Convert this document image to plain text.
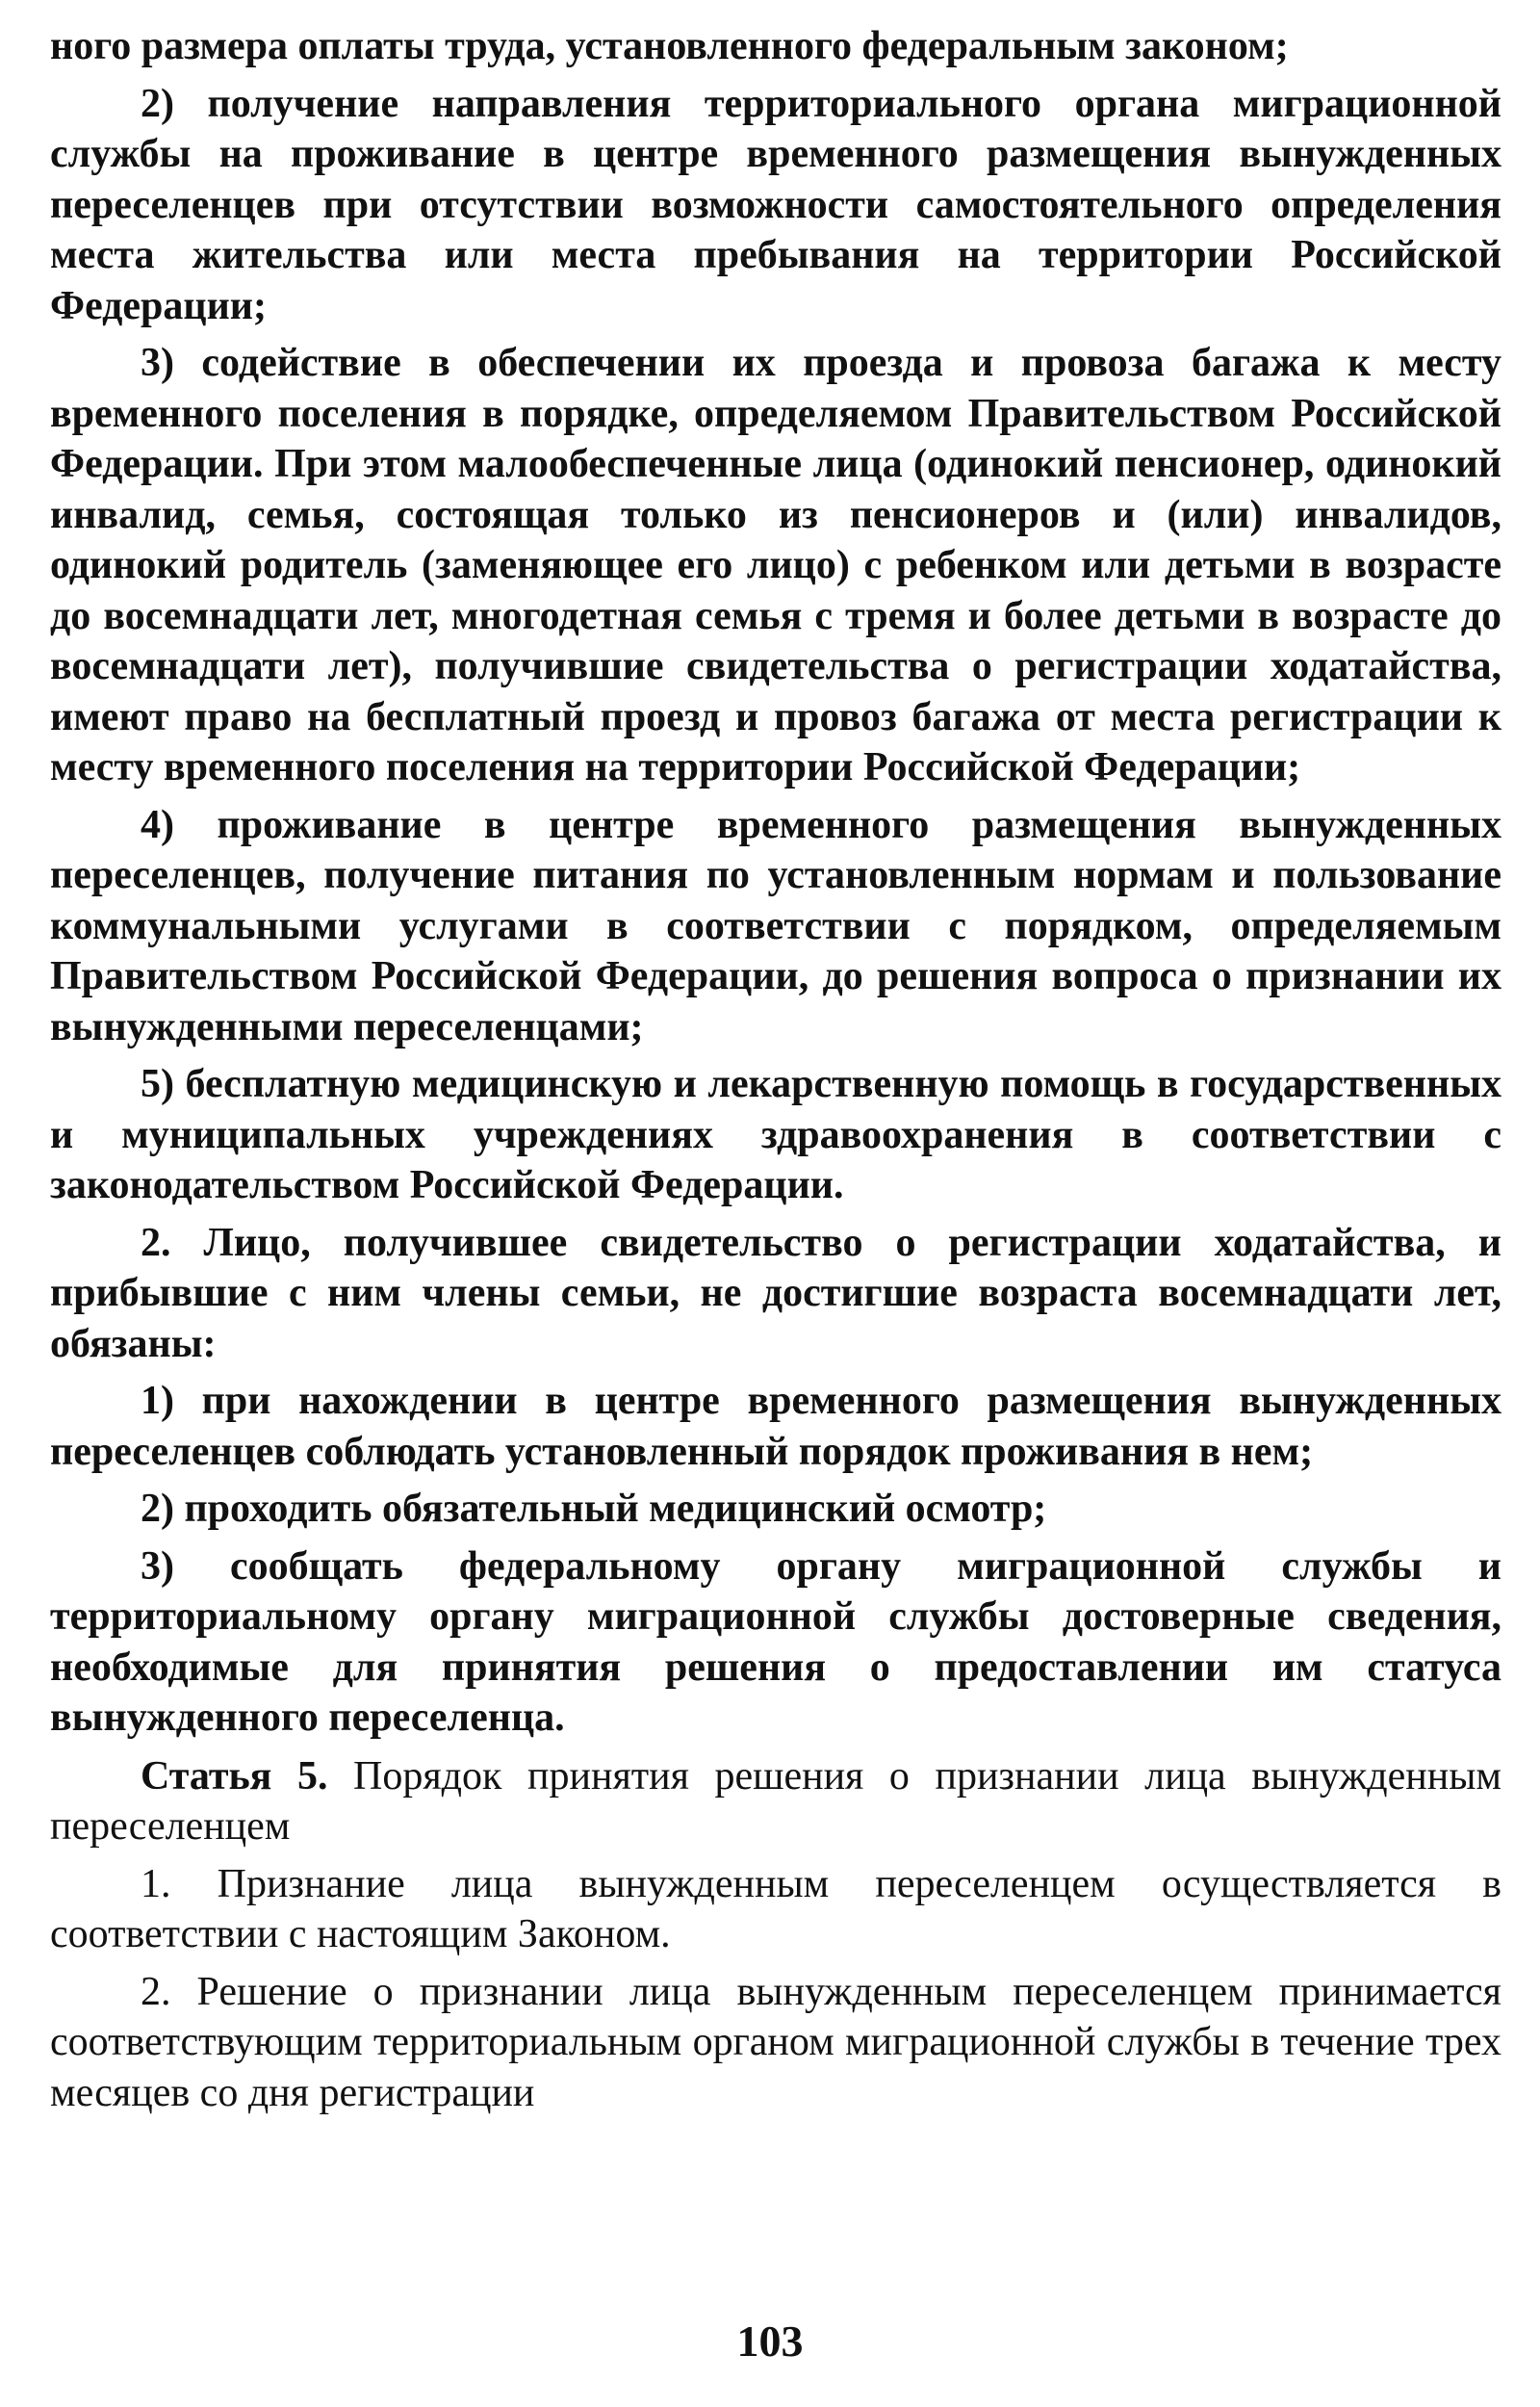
ного размера оплаты труда, установленного федеральным законом;

2) получение направления территориального органа миграционной службы на проживание в центре временного размещения вынужденных переселенцев при отсутствии возможности самостоятельного определения места жительства или места пребывания на территории Российской Федерации;

3) содействие в обеспечении их проезда и провоза багажа к месту временного поселения в порядке, определяемом Правительством Российской Федерации. При этом малообеспеченные лица (одинокий пенсионер, одинокий инвалид, семья, состоящая только из пенсионеров и (или) инвалидов, одинокий родитель (заменяющее его лицо) с ребенком или детьми в возрасте до восемнадцати лет, многодетная семья с тремя и более детьми в возрасте до восемнадцати лет), получившие свидетельства о регистрации ходатайства, имеют право на бесплатный проезд и провоз багажа от места регистрации к месту временного поселения на территории Российской Федерации;

4) проживание в центре временного размещения вынужденных переселенцев, получение питания по установленным нормам и пользование коммунальными услугами в соответствии с порядком, определяемым Правительством Российской Федерации, до решения вопроса о признании их вынужденными переселенцами;

5) бесплатную медицинскую и лекарственную помощь в государственных и муниципальных учреждениях здравоохранения в соответствии с законодательством Российской Федерации.

2. Лицо, получившее свидетельство о регистрации ходатайства, и прибывшие с ним члены семьи, не достигшие возраста восемнадцати лет, обязаны:

1) при нахождении в центре временного размещения вынужденных переселенцев соблюдать установленный порядок проживания в нем;

2) проходить обязательный медицинский осмотр;

3) сообщать федеральному органу миграционной службы и территориальному органу миграционной службы достоверные сведения, необходимые для принятия решения о предоставлении им статуса вынужденного переселенца.

Статья 5. Порядок принятия решения о признании лица вынужденным переселенцем

1. Признание лица вынужденным переселенцем осуществляется в соответствии с настоящим Законом.

2. Решение о признании лица вынужденным переселенцем принимается соответствующим территориальным органом миграционной службы в течение трех месяцев со дня регистрации

103
